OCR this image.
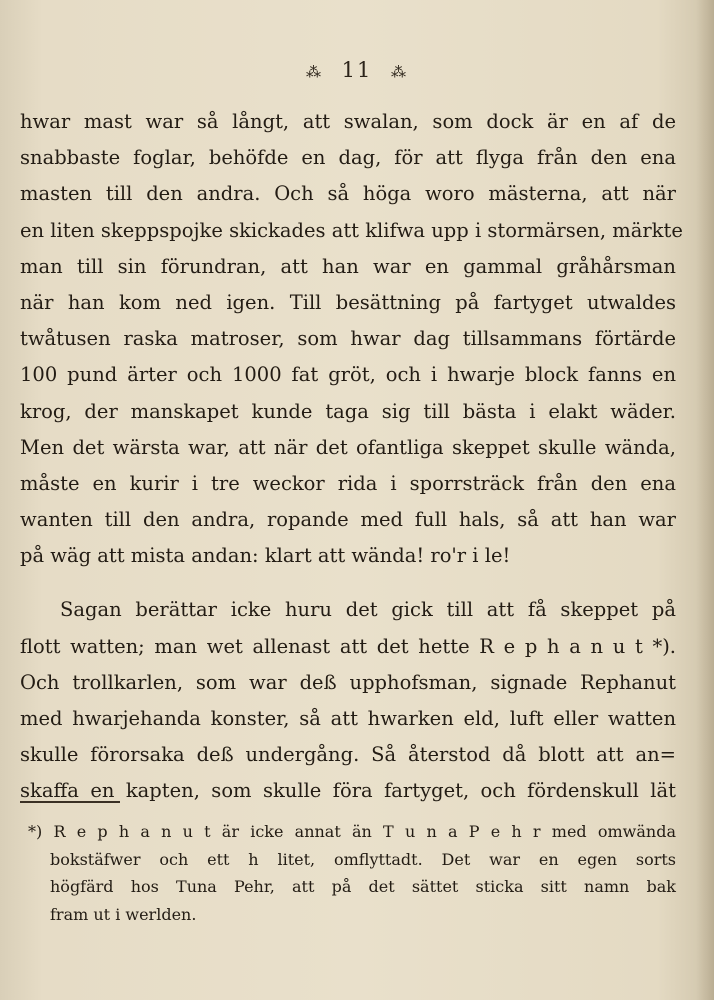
⁂ 11 ⁂
hwar mast war så långt, att swalan, som dock är en af de
snabbaste foglar, behöfde en dag, för att flyga från den ena
masten till den andra. Och så höga woro mästerna, att när
en liten skeppspojke skickades att klifwa upp i stormärsen, märkte
man till sin förundran, att han war en gammal gråhårsman
när han kom ned igen. Till besättning på fartyget utwaldes
twåtusen raska matroser, som hwar dag tillsammans förtärde
100 pund ärter och 1000 fat gröt, och i hwarje block fanns en
krog, der manskapet kunde taga sig till bästa i elakt wäder.
Men det wärsta war, att när det ofantliga skeppet skulle wända,
måste en kurir i tre weckor rida i sporrsträck från den ena
wanten till den andra, ropande med full hals, så att han war
på wäg att mista andan: klart att wända! ro'r i le!
Sagan berättar icke huru det gick till att få skeppet på
flott watten; man wet allenast att det hette R e p h a n u t *).
Och trollkarlen, som war deß upphofsman, signade Rephanut
med hwarjehanda konster, så att hwarken eld, luft eller watten
skulle förorsaka deß undergång. Så återstod då blott att an=
skaffa en kapten, som skulle föra fartyget, och fördenskull lät
*) R e p h a n u t är icke annat än T u n a P e h r med omwända
bokstäfwer och ett h litet, omflyttadt. Det war en egen sorts
högfärd hos Tuna Pehr, att på det sättet sticka sitt namn bak
fram ut i werlden.
